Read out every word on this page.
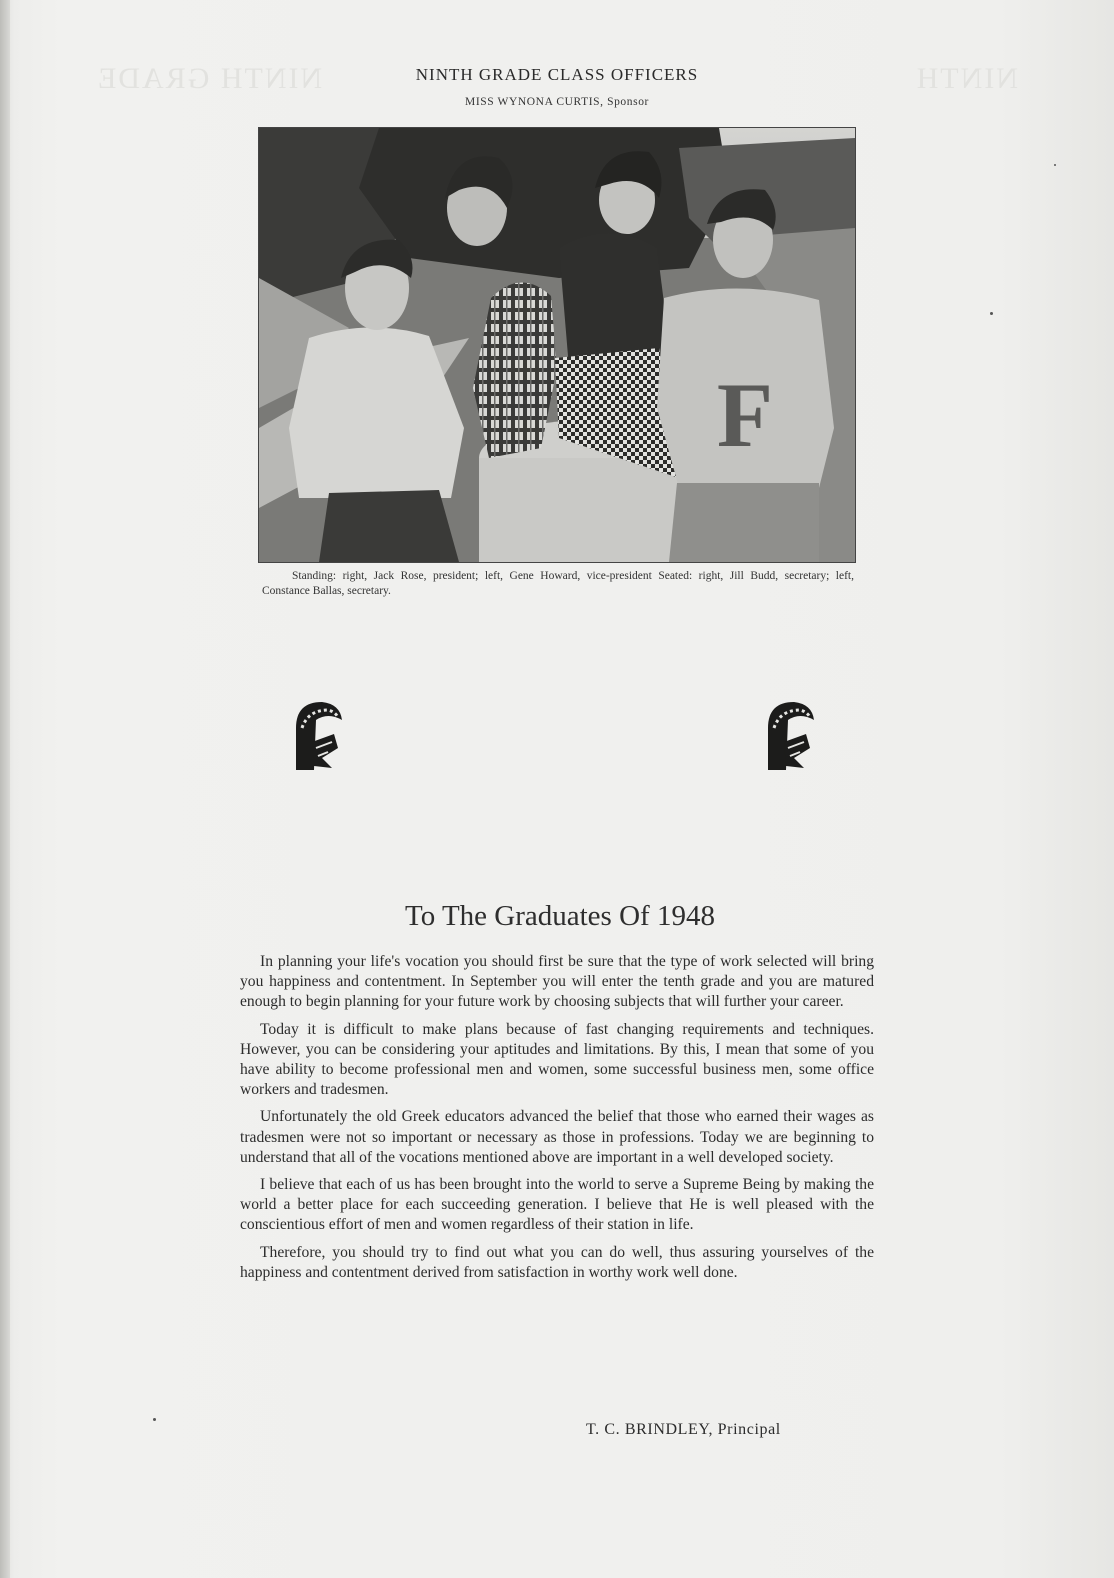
NINTH GRADE	NINTH
NINTH GRADE CLASS OFFICERS
MISS WYNONA CURTIS, Sponsor
F
Standing: right, Jack Rose, president; left, Gene Howard, vice-president Seated: right, Jill Budd, secretary; left, Constance Ballas, secretary.
To The Graduates Of 1948

In planning your life's vocation you should first be sure that the type of work selected will bring you happiness and contentment. In September you will enter the tenth grade and you are matured enough to begin planning for your future work by choosing subjects that will further your career.

Today it is difficult to make plans because of fast changing requirements and techniques. However, you can be considering your aptitudes and limitations. By this, I mean that some of you have ability to become professional men and women, some successful business men, some office workers and tradesmen.

Unfortunately the old Greek educators advanced the belief that those who earned their wages as tradesmen were not so important or necessary as those in professions. Today we are beginning to understand that all of the vocations mentioned above are important in a well developed society.

I believe that each of us has been brought into the world to serve a Supreme Being by making the world a better place for each succeeding generation. I believe that He is well pleased with the conscientious effort of men and women regardless of their station in life.

Therefore, you should try to find out what you can do well, thus assuring yourselves of the happiness and contentment derived from satisfaction in worthy work well done.

T. C. BRINDLEY, Principal
